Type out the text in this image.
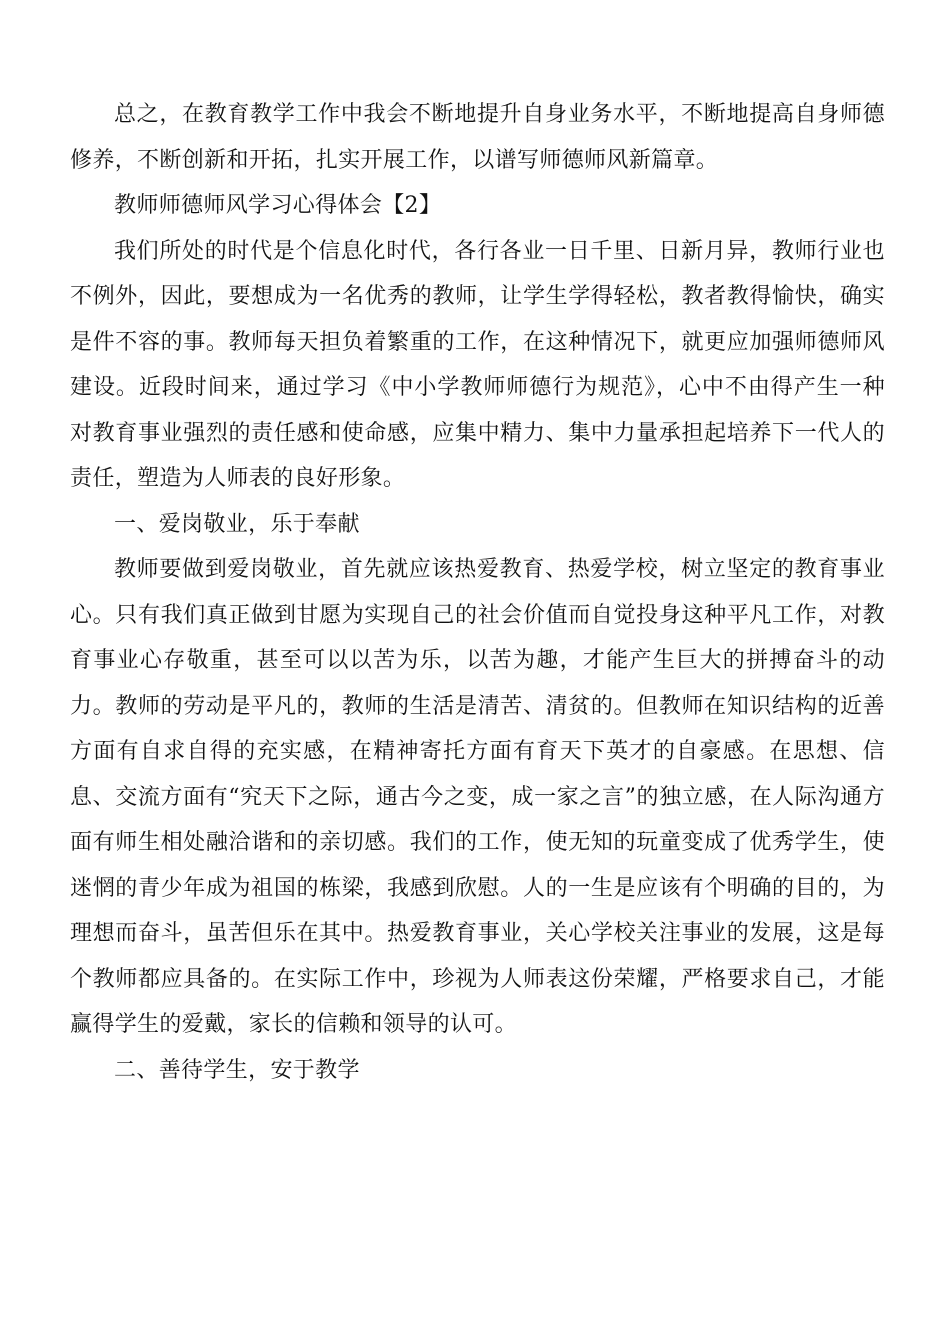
总之，在教育教学工作中我会不断地提升自身业务水平，不断地提高自身师德修养，不断创新和开拓，扎实开展工作，以谱写师德师风新篇章。

教师师德师风学习心得体会【2】

我们所处的时代是个信息化时代，各行各业一日千里、日新月异，教师行业也不例外，因此，要想成为一名优秀的教师，让学生学得轻松，教者教得愉快，确实是件不容的事。教师每天担负着繁重的工作，在这种情况下，就更应加强师德师风建设。近段时间来，通过学习《中小学教师师德行为规范》，心中不由得产生一种对教育事业强烈的责任感和使命感，应集中精力、集中力量承担起培养下一代人的责任，塑造为人师表的良好形象。

一、爱岗敬业，乐于奉献

教师要做到爱岗敬业，首先就应该热爱教育、热爱学校，树立坚定的教育事业心。只有我们真正做到甘愿为实现自己的社会价值而自觉投身这种平凡工作，对教育事业心存敬重，甚至可以以苦为乐，以苦为趣，才能产生巨大的拼搏奋斗的动力。教师的劳动是平凡的，教师的生活是清苦、清贫的。但教师在知识结构的近善方面有自求自得的充实感，在精神寄托方面有育天下英才的自豪感。在思想、信息、交流方面有“究天下之际，通古今之变，成一家之言”的独立感，在人际沟通方面有师生相处融洽谐和的亲切感。我们的工作，使无知的玩童变成了优秀学生，使迷惘的青少年成为祖国的栋梁，我感到欣慰。人的一生是应该有个明确的目的，为理想而奋斗，虽苦但乐在其中。热爱教育事业，关心学校关注事业的发展，这是每个教师都应具备的。在实际工作中，珍视为人师表这份荣耀，严格要求自己，才能赢得学生的爱戴，家长的信赖和领导的认可。

二、善待学生，安于教学
